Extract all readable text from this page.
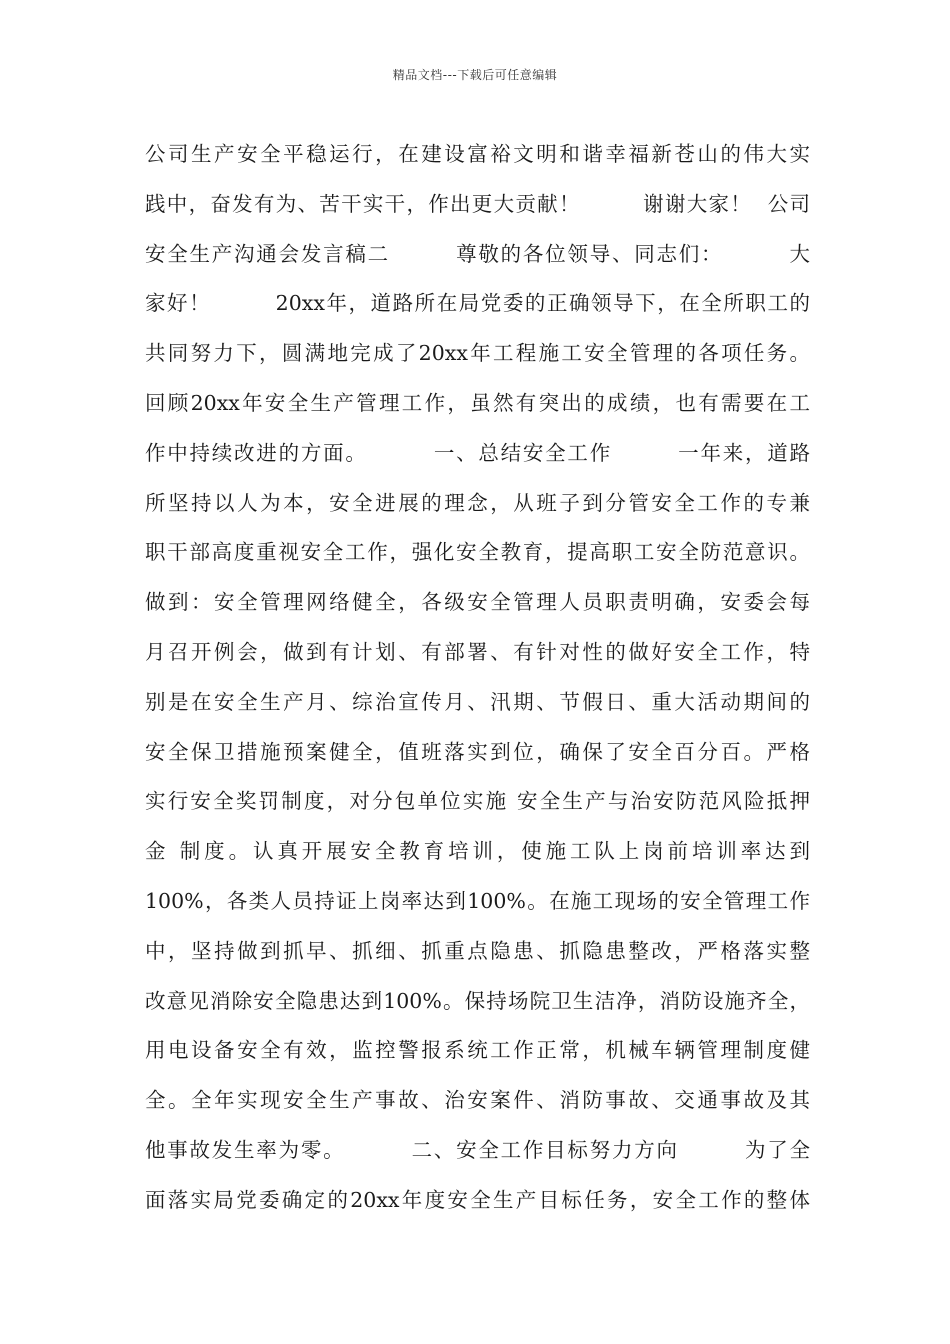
精品文档---下载后可任意编辑
公司生产安全平稳运行，在建设富裕文明和谐幸福新苍山的伟大实
践中，奋发有为、苦干实干，作出更大贡献！        谢谢大家！  公司
安全生产沟通会发言稿二        尊敬的各位领导、同志们：        大
家好！        20xx年，道路所在局党委的正确领导下，在全所职工的
共同努力下，圆满地完成了20xx年工程施工安全管理的各项任务。
回顾20xx年安全生产管理工作，虽然有突出的成绩，也有需要在工
作中持续改进的方面。        一、总结安全工作        一年来，道路
所坚持以人为本，安全进展的理念，从班子到分管安全工作的专兼
职干部高度重视安全工作，强化安全教育，提高职工安全防范意识。
做到：安全管理网络健全，各级安全管理人员职责明确，安委会每
月召开例会，做到有计划、有部署、有针对性的做好安全工作，特
别是在安全生产月、综治宣传月、汛期、节假日、重大活动期间的
安全保卫措施预案健全，值班落实到位，确保了安全百分百。严格
实行安全奖罚制度，对分包单位实施 安全生产与治安防范风险抵押
金 制度。认真开展安全教育培训，使施工队上岗前培训率达到
100%，各类人员持证上岗率达到100%。在施工现场的安全管理工作
中，坚持做到抓早、抓细、抓重点隐患、抓隐患整改，严格落实整
改意见消除安全隐患达到100%。保持场院卫生洁净，消防设施齐全，
用电设备安全有效，监控警报系统工作正常，机械车辆管理制度健
全。全年实现安全生产事故、治安案件、消防事故、交通事故及其
他事故发生率为零。        二、安全工作目标努力方向        为了全
面落实局党委确定的20xx年度安全生产目标任务，安全工作的整体
